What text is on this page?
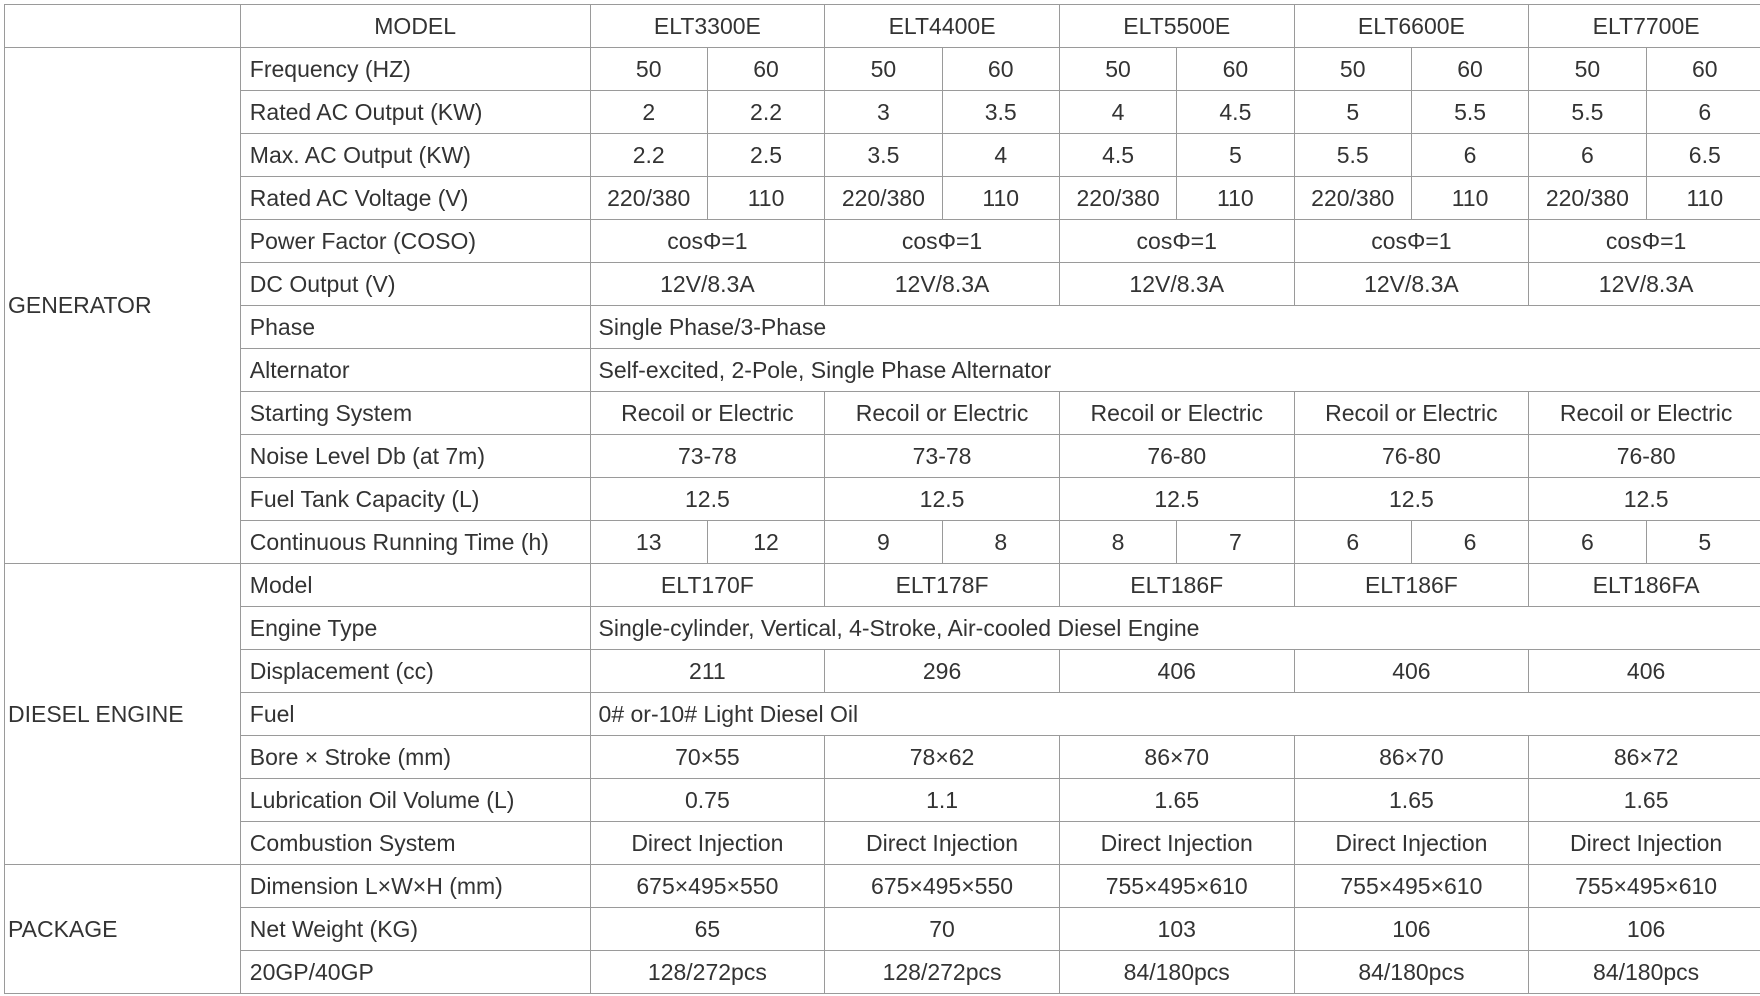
	MODEL	ELT3300E		ELT4400E		ELT5500E		ELT6600E		ELT7700E	
GENERATOR	Frequency (HZ)	50	60	50	60	50	60	50	60	50	60
	Rated AC Output (KW)	2	2.2	3	3.5	4	4.5	5	5.5	5.5	6
	Max. AC Output (KW)	2.2	2.5	3.5	4	4.5	5	5.5	6	6	6.5
	Rated AC Voltage (V)	220/380	110	220/380	110	220/380	110	220/380	110	220/380	110
	Power Factor (COSO)	cosΦ=1		cosΦ=1		cosΦ=1		cosΦ=1		cosΦ=1	
	DC Output (V)	12V/8.3A		12V/8.3A		12V/8.3A		12V/8.3A		12V/8.3A	
	Phase	Single Phase/3-Phase									
	Alternator	Self-excited, 2-Pole, Single Phase Alternator									
	Starting System	Recoil or Electric		Recoil or Electric		Recoil or Electric		Recoil or Electric		Recoil or Electric	
	Noise Level Db (at 7m)	73-78		73-78		76-80		76-80		76-80	
	Fuel Tank Capacity (L)	12.5		12.5		12.5		12.5		12.5	
	Continuous Running Time (h)	13	12	9	8	8	7	6	6	6	5
DIESEL ENGINE	Model	ELT170F		ELT178F		ELT186F		ELT186F		ELT186FA	
	Engine Type	Single-cylinder, Vertical, 4-Stroke, Air-cooled Diesel Engine									
	Displacement (cc)	211		296		406		406		406	
	Fuel	0# or-10# Light Diesel Oil									
	Bore × Stroke (mm)	70×55		78×62		86×70		86×70		86×72	
	Lubrication Oil Volume (L)	0.75		1.1		1.65		1.65		1.65	
	Combustion System	Direct Injection		Direct Injection		Direct Injection		Direct Injection		Direct Injection	
PACKAGE	Dimension L×W×H (mm)	675×495×550		675×495×550		755×495×610		755×495×610		755×495×610	
	Net Weight (KG)	65		70		103		106		106	
	20GP/40GP	128/272pcs		128/272pcs		84/180pcs		84/180pcs		84/180pcs	
